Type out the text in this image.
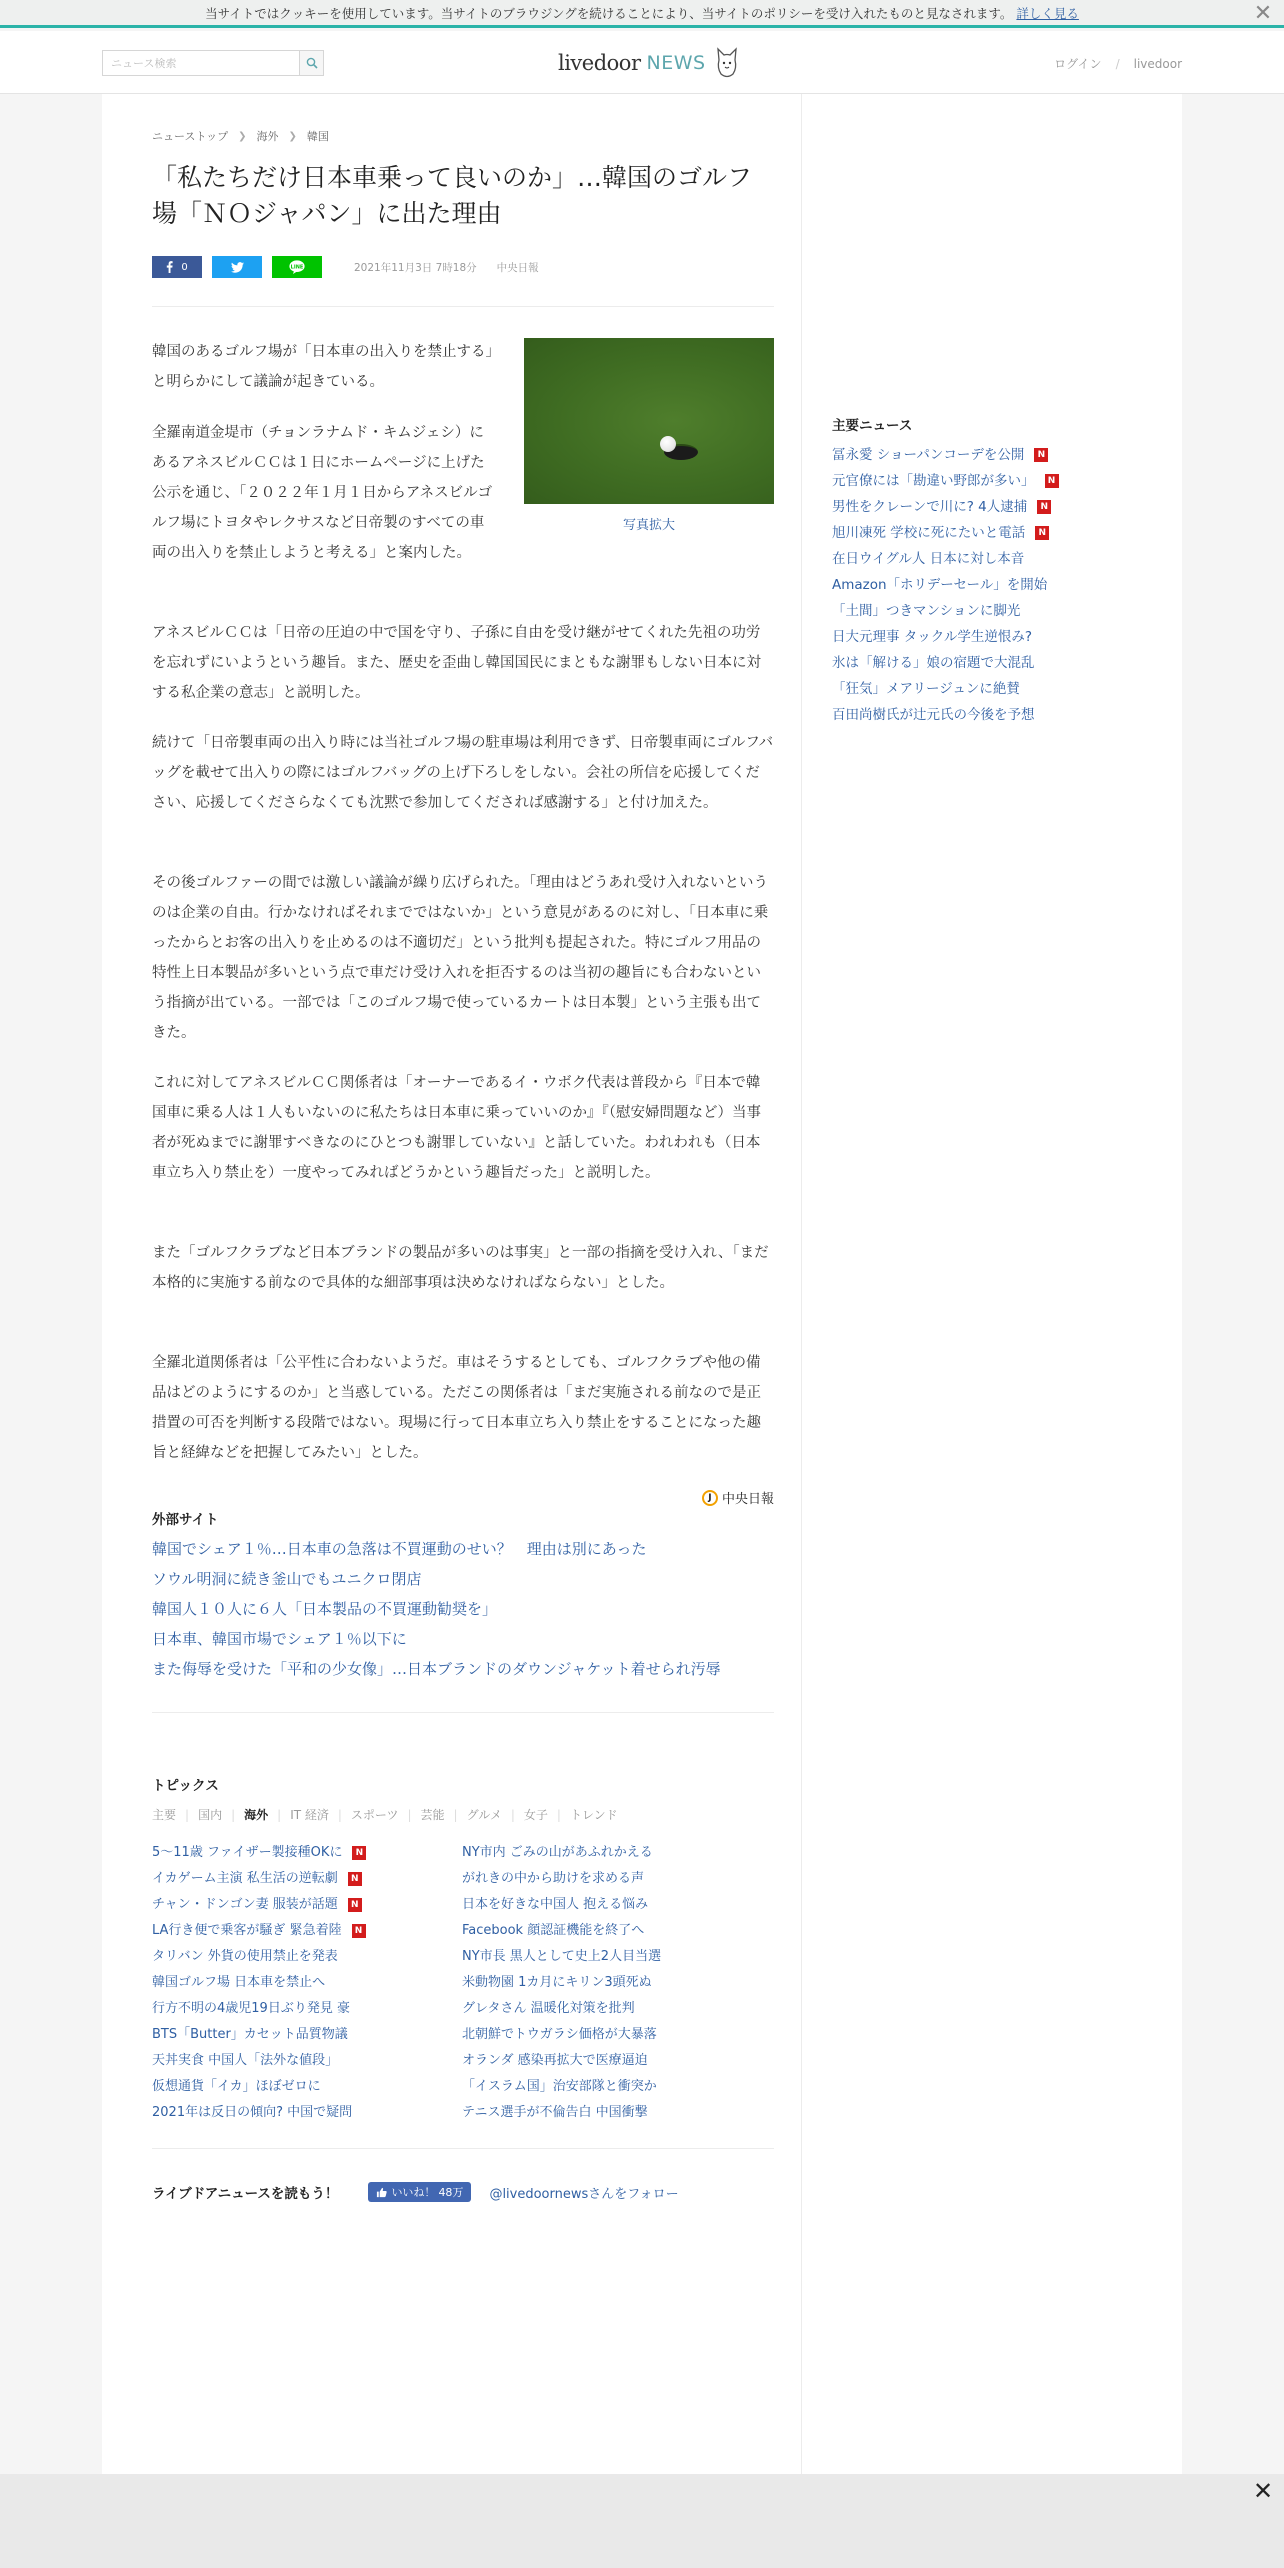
当サイトではクッキーを使用しています。当サイトのブラウジングを続けることにより、当サイトのポリシーを受け入れたものと見なされます。 詳しく見る	✕
ニュース検索
livedoor NEWS	ログイン / livedoor
ニューストップ ❯ 海外 ❯ 韓国
「私たちだけ日本車乗って良いのか」…韓国のゴルフ場「ＮＯジャパン」に出た理由
0	LINE	2021年11月3日 7時18分 中央日報
写真拡大

韓国のあるゴルフ場が「日本車の出入りを禁止する」と明らかにして議論が起きている。

全羅南道金堤市（チョンラナムド・キムジェシ）にあるアネスビルＣＣは１日にホームページに上げた公示を通じ、「２０２２年１月１日からアネスビルゴルフ場にトヨタやレクサスなど日帝製のすべての車両の出入りを禁止しようと考える」と案内した。

アネスビルＣＣは「日帝の圧迫の中で国を守り、子孫に自由を受け継がせてくれた先祖の功労を忘れずにいようという趣旨。また、歴史を歪曲し韓国国民にまともな謝罪もしない日本に対する私企業の意志」と説明した。

続けて「日帝製車両の出入り時には当社ゴルフ場の駐車場は利用できず、日帝製車両にゴルフバッグを載せて出入りの際にはゴルフバッグの上げ下ろしをしない。会社の所信を応援してください、応援してくださらなくても沈黙で参加してくだされば感謝する」と付け加えた。

その後ゴルファーの間では激しい議論が繰り広げられた。「理由はどうあれ受け入れないというのは企業の自由。行かなければそれまでではないか」という意見があるのに対し、「日本車に乗ったからとお客の出入りを止めるのは不適切だ」という批判も提起された。特にゴルフ用品の特性上日本製品が多いという点で車だけ受け入れを拒否するのは当初の趣旨にも合わないという指摘が出ている。一部では「このゴルフ場で使っているカートは日本製」という主張も出てきた。

これに対してアネスビルＣＣ関係者は「オーナーであるイ・ウボク代表は普段から『日本で韓国車に乗る人は１人もいないのに私たちは日本車に乗っていいのか』『（慰安婦問題など）当事者が死ぬまでに謝罪すべきなのにひとつも謝罪していない』と話していた。われわれも（日本車立ち入り禁止を）一度やってみればどうかという趣旨だった」と説明した。

また「ゴルフクラブなど日本ブランドの製品が多いのは事実」と一部の指摘を受け入れ、「まだ本格的に実施する前なので具体的な細部事項は決めなければならない」とした。

全羅北道関係者は「公平性に合わないようだ。車はそうするとしても、ゴルフクラブや他の備品はどのようにするのか」と当惑している。ただこの関係者は「まだ実施される前なので是正措置の可否を判断する段階ではない。現場に行って日本車立ち入り禁止をすることになった趣旨と経緯などを把握してみたい」とした。

J 中央日報
外部サイト
韓国でシェア１％…日本車の急落は不買運動のせい？　理由は別にあった
ソウル明洞に続き釜山でもユニクロ閉店
韓国人１０人に６人「日本製品の不買運動勧奨を」
日本車、韓国市場でシェア１％以下に
また侮辱を受けた「平和の少女像」…日本ブランドのダウンジャケット着せられ汚辱
トピックス
主要 | 国内 | 海外 | IT 経済 | スポーツ | 芸能 | グルメ | 女子 | トレンド
5～11歳 ファイザー製接種OKに	N
イカゲーム主演 私生活の逆転劇	N
チャン・ドンゴン妻 服装が話題	N
LA行き便で乗客が騒ぎ 緊急着陸	N
タリバン 外貨の使用禁止を発表
韓国ゴルフ場 日本車を禁止へ
行方不明の4歳児19日ぶり発見 豪
BTS「Butter」カセット品質物議
天丼実食 中国人「法外な値段」
仮想通貨「イカ」ほぼゼロに
2021年は反日の傾向? 中国で疑問
NY市内 ごみの山があふれかえる
がれきの中から助けを求める声
日本を好きな中国人 抱える悩み
Facebook 顔認証機能を終了へ
NY市長 黒人として史上2人目当選
米動物園 1カ月にキリン3頭死ぬ
グレタさん 温暖化対策を批判
北朝鮮でトウガラシ価格が大暴落
オランダ 感染再拡大で医療逼迫
「イスラム国」治安部隊と衝突か
テニス選手が不倫告白 中国衝撃
ライブドアニュースを読もう！	いいね！ 48万 @livedoornewsさんをフォロー
主要ニュース
冨永愛 ショーパンコーデを公開	N
元官僚には「勘違い野郎が多い」	N
男性をクレーンで川に? 4人逮捕	N
旭川凍死 学校に死にたいと電話	N
在日ウイグル人 日本に対し本音
Amazon「ホリデーセール」を開始
「土間」つきマンションに脚光
日大元理事 タックル学生逆恨み?
氷は「解ける」娘の宿題で大混乱
「狂気」メアリージュンに絶賛
百田尚樹氏が辻元氏の今後を予想
✕
